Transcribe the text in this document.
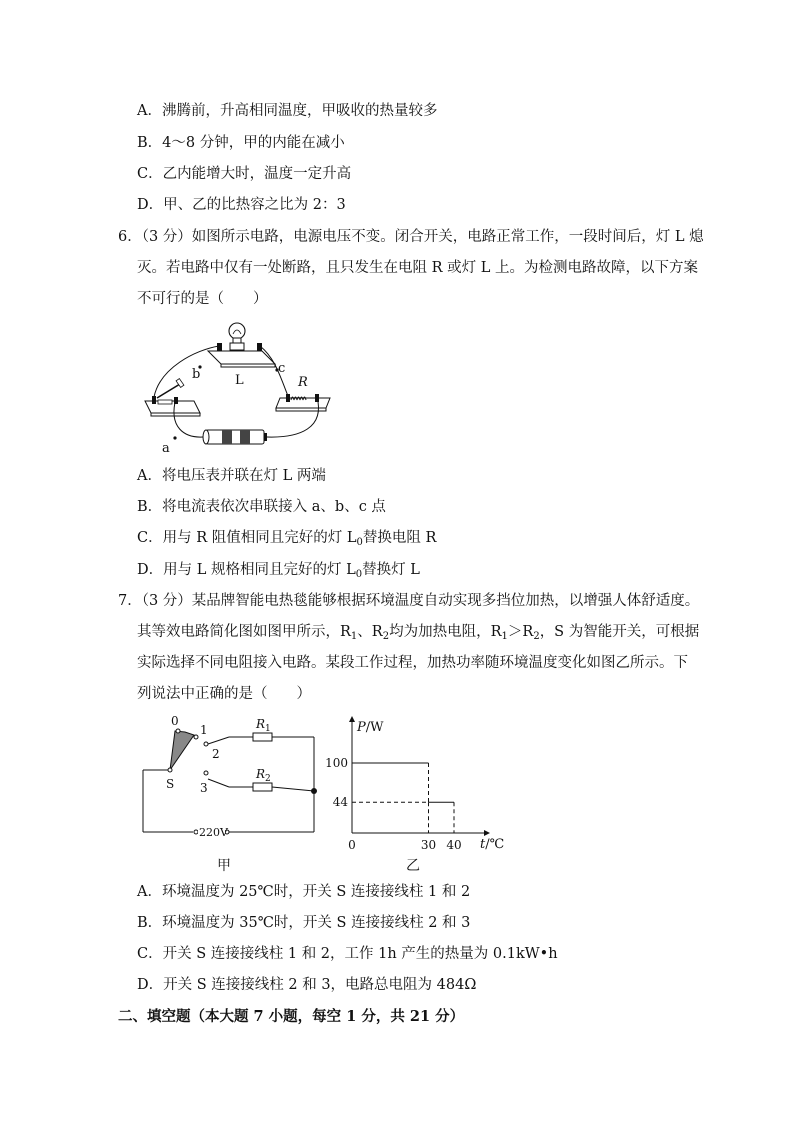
A．沸腾前，升高相同温度，甲吸收的热量较多
B．4～8 分钟，甲的内能在减小
C．乙内能增大时，温度一定升高
D．甲、乙的比热容之比为 2：3
6．（3 分）如图所示电路，电源电压不变。闭合开关，电路正常工作，一段时间后，灯 L 熄
灭。若电路中仅有一处断路，且只发生在电阻 R 或灯 L 上。为检测电路故障，以下方案
不可行的是（　　）
L	R
a
b	c
A．将电压表并联在灯 L 两端
B．将电流表依次串联接入 a、b、c 点
C．用与 R 阻值相同且完好的灯 $L_0$替换电阻 R
D．用与 L 规格相同且完好的灯 $L_0$替换灯 L
7．（3 分）某品牌智能电热毯能够根据环境温度自动实现多挡位加热，以增强人体舒适度。
其等效电路简化图如图甲所示，$R_1$、$R_2$均为加热电阻，$R_1>R_2$，S 为智能开关，可根据
实际选择不同电阻接入电路。某段工作过程，加热功率随环境温度变化如图乙所示。下
列说法中正确的是（　　）
0
1
2
3
S
$R_1$
$R_2$
220V
甲
P/W
t/℃
100
44
0	30 40
乙
A．环境温度为 25℃时，开关 S 连接接线柱 1 和 2
B．环境温度为 35℃时，开关 S 连接接线柱 2 和 3
C．开关 S 连接接线柱 1 和 2，工作 1h 产生的热量为 0.1kW•h
D．开关 S 连接接线柱 2 和 3，电路总电阻为 484Ω
二、填空题（本大题 7 小题，每空 1 分，共 21 分）
